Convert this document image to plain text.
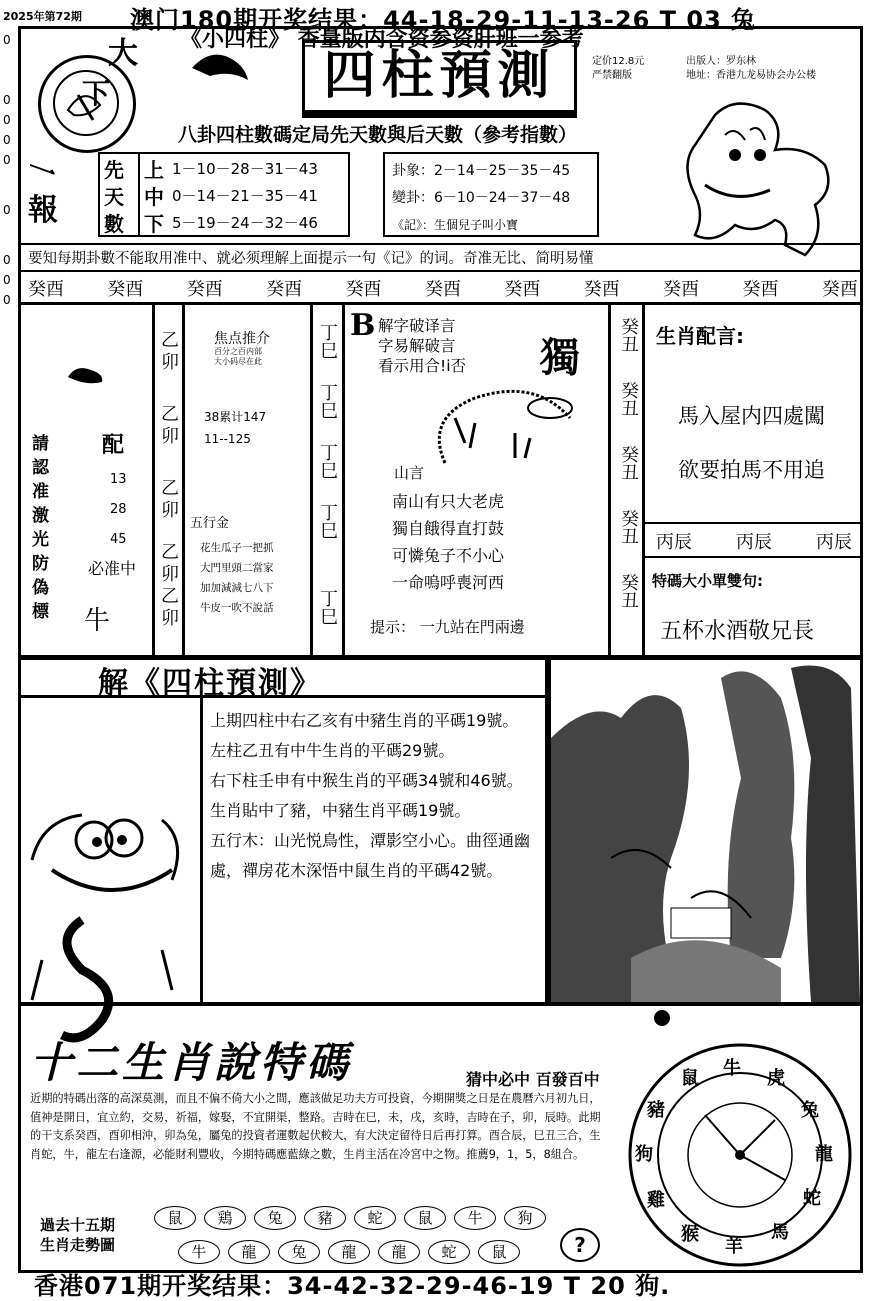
2025年第72期 澳门180期开奖结果：44-18-29-11-13-26 T 03 兔
0
0
0
0
0
0
0
0
0
《小四柱》 香量版内含资参资肝班一参考
大
下
一
報
四柱預測	定价12.8元
严禁翻版
出版人：罗东林
地址：香港九龙易协会办公楼
八卦四柱數碼定局先天數與后天數（參考指數）
先	上 1－10－28－31－43
天	中 0－14－21－35－41
數	下 5－19－24－32－46
卦象：2－14－25－35－45
變卦：6－10－24－37－48
《記》：生個兒子叫小寶
要知每期卦數不能取用准中、就必须理解上面提示一句《记》的词。奇准无比、简明易懂
癸酉 癸酉 癸酉 癸酉 癸酉 癸酉 癸酉 癸酉 癸酉 癸酉 癸酉
請
認
准
激
光
防
偽
標
配
13
28
45
必准中
牛
乙
卯
乙
卯
乙
卯
乙
卯
乙
卯
焦点推介
百分之百内部
大小码尽在此
38累计147
11--125
五行金
花生瓜子一把抓
大門里頭二當家
加加減減七八下
牛皮一吹不說話
丁巳
丁巳
丁巳
丁巳
丁巳
B 解字破译言
字易解破言
看示用合!i否 獨
山言
南山有只大老虎
獨自餓得直打鼓
可憐兔子不小心
一命嗚呼喪河西
提示： 一九站在門兩邊
癸丑
癸丑
癸丑
癸丑
癸丑
生肖配言:
馬入屋内四處闖
欲要拍馬不用追
丙辰 丙辰 丙辰
特碼大小單雙句:
五杯水酒敬兄長
解《四柱預測》
上期四柱中右乙亥有中豬生肖的平碼19號。
左柱乙丑有中牛生肖的平碼29號。
右下柱壬申有中猴生肖的平碼34號和46號。
生肖貼中了豬，中豬生肖平碼19號。
五行木：山光悦鳥性，潭影空小心。曲徑通幽處，禪房花木深悟中鼠生肖的平碼42號。
十二生肖說特碼	猜中必中 百發百中
近期的特碼出落的高深莫測，而且不偏不倚大小之間，應該做足功夫方可投資，今期開獎之日是在農曆六月初九日，值神是開日，宜立約，交易，祈福，嫁娶，不宜開渠，整路。吉時在巳，未，戌，亥時，吉時在子，卯，辰時。此期的干支系癸酉，酉卯相沖，卯為兔，屬兔的投資者運數起伏較大，有大決定留待日后再打算。酉合辰，巳丑三合，生肖蛇，牛，龍左右逢源，必能財利豐收，今期特碼應藍綠之數，生肖主活在冷宮中之物。推薦9，1，5，8組合。
過去十五期
生肖走勢圖
鼠	鶏	兔	豬	蛇	鼠	牛	狗
牛	龍	兔	龍	龍	蛇	鼠	?
牛 虎
兔
龍
蛇
馬
羊
猴
雞
狗
豬
鼠
香港071期开奖结果：34-42-32-29-46-19 T 20 狗.
